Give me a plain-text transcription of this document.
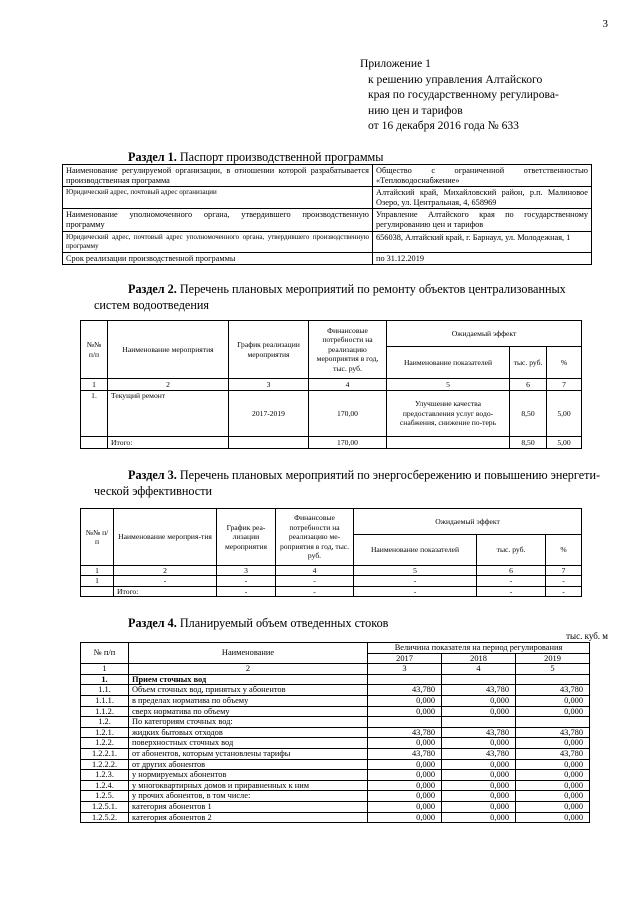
3
Приложение 1
к решению управления Алтайского
края по государственному регулирова-
нию цен и тарифов
от 16 декабря 2016 года № 633
Раздел 1. Паспорт производственной программы
Наименование регулируемой организации, в отношении которой разрабатывается производственная программа	Общество с ограниченной ответственностью «Тепловодоснабжение»
Юридический адрес, почтовый адрес организации	Алтайский край, Михайловский район, р.п. Малиновое Озеро, ул. Центральная, 4, 658969
Наименование уполномоченного органа, утвердившего производственную программу	Управление Алтайского края по государственному регулированию цен и тарифов
Юридический адрес, почтовый адрес уполномоченного органа, утвердившего производственную программу	656038, Алтайский край, г. Барнаул, ул. Молодежная, 1
Срок реализации производственной программы	по 31.12.2019
Раздел 2. Перечень плановых мероприятий по ремонту объектов централизованных
систем водоотведения
№№ п/п	Наименование мероприятия	График реализации мероприятия	Финансовые потребности на реализацию мероприятия в год, тыс. руб.	Ожидаемый эффект		
				Наименование показателей	тыс. руб.	%
1	2	3	4	5	6	7
1.	Текущий ремонт	2017-2019	170,00	Улучшение качества предоставления услуг водо-снабжения, снижение по-терь	8,50	5,00
	Итого:		170,00		8,50	5,00
Раздел 3. Перечень плановых мероприятий по энергосбережению и повышению энергети-
ческой эффективности
№№ п/п	Наименование мероприя-тия	График реа-лизации мероприятия	Финансовые потребности на реализацию ме-роприятия в год, тыс. руб.	Ожидаемый эффект		
				Наименование показателей	тыс. руб.	%
1	2	3	4	5	6	7
1	-	-	-	-	-	-
	Итого:	-	-	-	-	-
Раздел 4. Планируемый объем отведенных стоков
тыс. куб. м
№ п/п	Наименование	Величина показателя на период регулирования		
		2017	2018	2019
1	2	3	4	5
1.	Прием сточных вод			
1.1.	Объем сточных вод, принятых у абонентов	43,780	43,780	43,780
1.1.1.	в пределах норматива по объему	0,000	0,000	0,000
1.1.2.	сверх норматива по объему	0,000	0,000	0,000
1.2.	По категориям сточных вод:			
1.2.1.	жидких бытовых отходов	43,780	43,780	43,780
1.2.2.	поверхностных сточных вод	0,000	0,000	0,000
1.2.2.1.	от абонентов, которым установлены тарифы	43,780	43,780	43,780
1.2.2.2.	от других абонентов	0,000	0,000	0,000
1.2.3.	у нормируемых абонентов	0,000	0,000	0,000
1.2.4.	у многоквартирных домов и приравненных к ним	0,000	0,000	0,000
1.2.5.	у прочих абонентов, в том числе:	0,000	0,000	0,000
1.2.5.1.	категория абонентов 1	0,000	0,000	0,000
1.2.5.2.	категория абонентов 2	0,000	0,000	0,000
